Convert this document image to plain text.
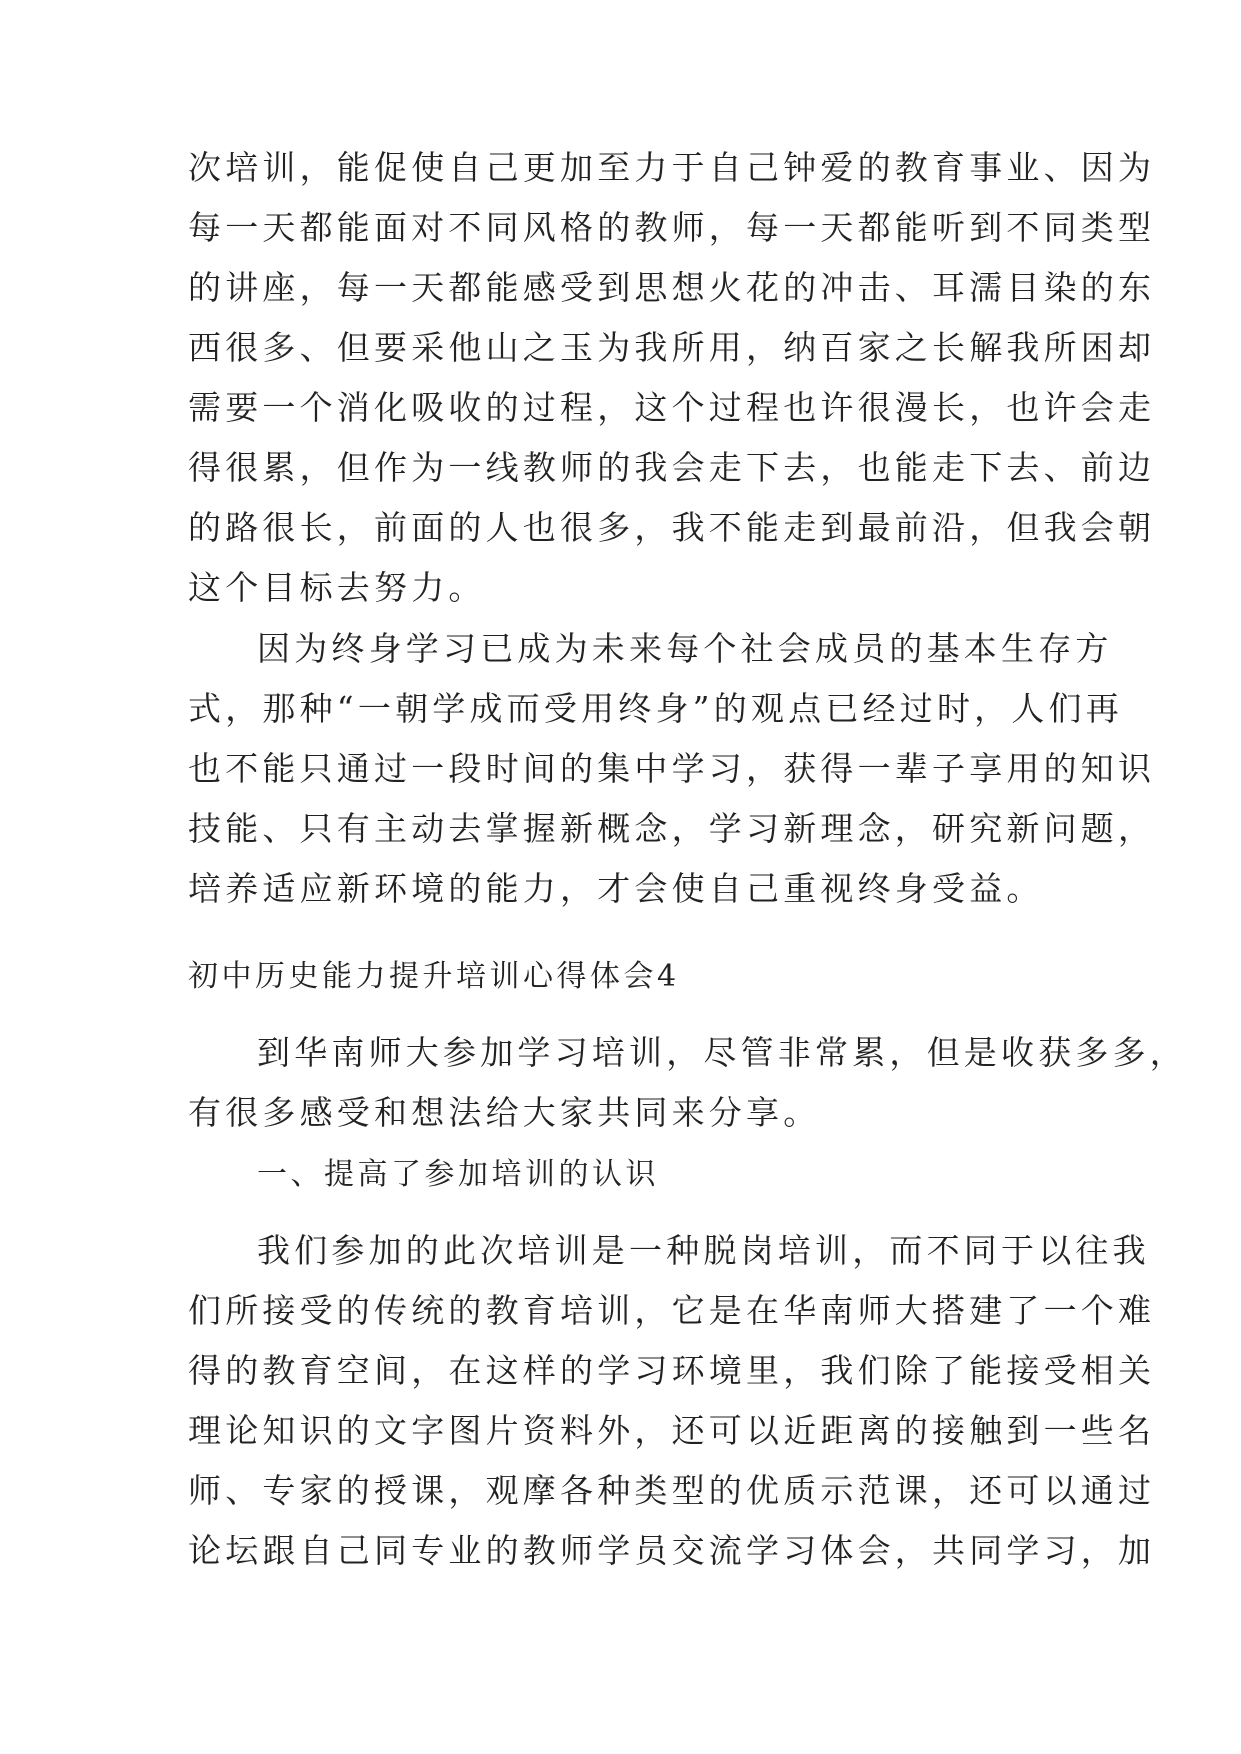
次培训，能促使自己更加至力于自己钟爱的教育事业、因为
每一天都能面对不同风格的教师，每一天都能听到不同类型
的讲座，每一天都能感受到思想火花的冲击、耳濡目染的东
西很多、但要采他山之玉为我所用，纳百家之长解我所困却
需要一个消化吸收的过程，这个过程也许很漫长，也许会走
得很累，但作为一线教师的我会走下去，也能走下去、前边
的路很长，前面的人也很多，我不能走到最前沿，但我会朝
这个目标去努力。
因为终身学习已成为未来每个社会成员的基本生存方
式，那种“一朝学成而受用终身”的观点已经过时，人们再
也不能只通过一段时间的集中学习，获得一辈子享用的知识
技能、只有主动去掌握新概念，学习新理念，研究新问题，
培养适应新环境的能力，才会使自己重视终身受益。
初中历史能力提升培训心得体会4
到华南师大参加学习培训，尽管非常累，但是收获多多，
有很多感受和想法给大家共同来分享。
一、提高了参加培训的认识
我们参加的此次培训是一种脱岗培训，而不同于以往我
们所接受的传统的教育培训，它是在华南师大搭建了一个难
得的教育空间，在这样的学习环境里，我们除了能接受相关
理论知识的文字图片资料外，还可以近距离的接触到一些名
师、专家的授课，观摩各种类型的优质示范课，还可以通过
论坛跟自己同专业的教师学员交流学习体会，共同学习，加
